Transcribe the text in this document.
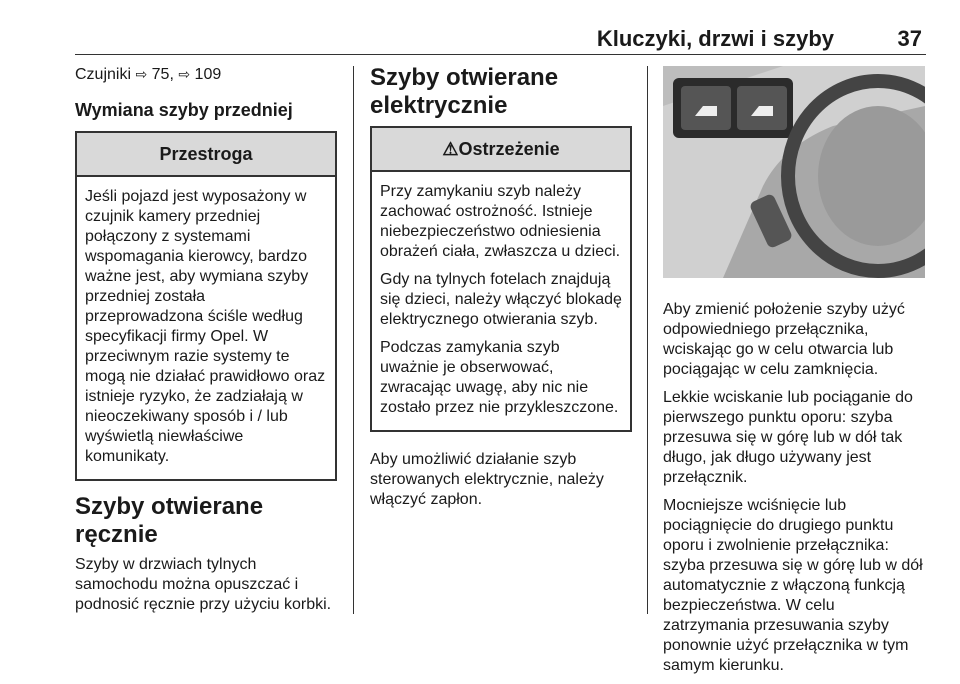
Kluczyki, drzwi i szyby	37

Czujniki ⇨ 75, ⇨ 109

Wymiana szyby przedniej
Przestroga

Jeśli pojazd jest wyposażony w czujnik kamery przedniej połączony z systemami wspomagania kierowcy, bardzo ważne jest, aby wymiana szyby przedniej została przeprowadzona ściśle według specyfikacji firmy Opel. W przeciwnym razie systemy te mogą nie działać prawidłowo oraz istnieje ryzyko, że zadziałają w nieoczekiwany sposób i / lub wyświetlą niewłaściwe komunikaty.

Szyby otwierane ręcznie

Szyby w drzwiach tylnych samochodu można opuszczać i podnosić ręcznie przy użyciu korbki.

Szyby otwierane elektrycznie
⚠Ostrzeżenie

Przy zamykaniu szyb należy zachować ostrożność. Istnieje niebezpieczeństwo odniesienia obrażeń ciała, zwłaszcza u dzieci.

Gdy na tylnych fotelach znajdują się dzieci, należy włączyć blokadę elektrycznego otwierania szyb.

Podczas zamykania szyb uważnie je obserwować, zwracając uwagę, aby nic nie zostało przez nie przykleszczone.

Aby umożliwić działanie szyb sterowanych elektrycznie, należy włączyć zapłon.

Aby zmienić położenie szyby użyć odpowiedniego przełącznika, wciskając go w celu otwarcia lub pociągając w celu zamknięcia.

Lekkie wciskanie lub pociąganie do pierwszego punktu oporu: szyba przesuwa się w górę lub w dół tak długo, jak długo używany jest przełącznik.

Mocniejsze wciśnięcie lub pociągnięcie do drugiego punktu oporu i zwolnienie przełącznika: szyba przesuwa się w górę lub w dół automatycznie z włączoną funkcją bezpieczeństwa. W celu zatrzymania przesuwania szyby ponownie użyć przełącznika w tym samym kierunku.
